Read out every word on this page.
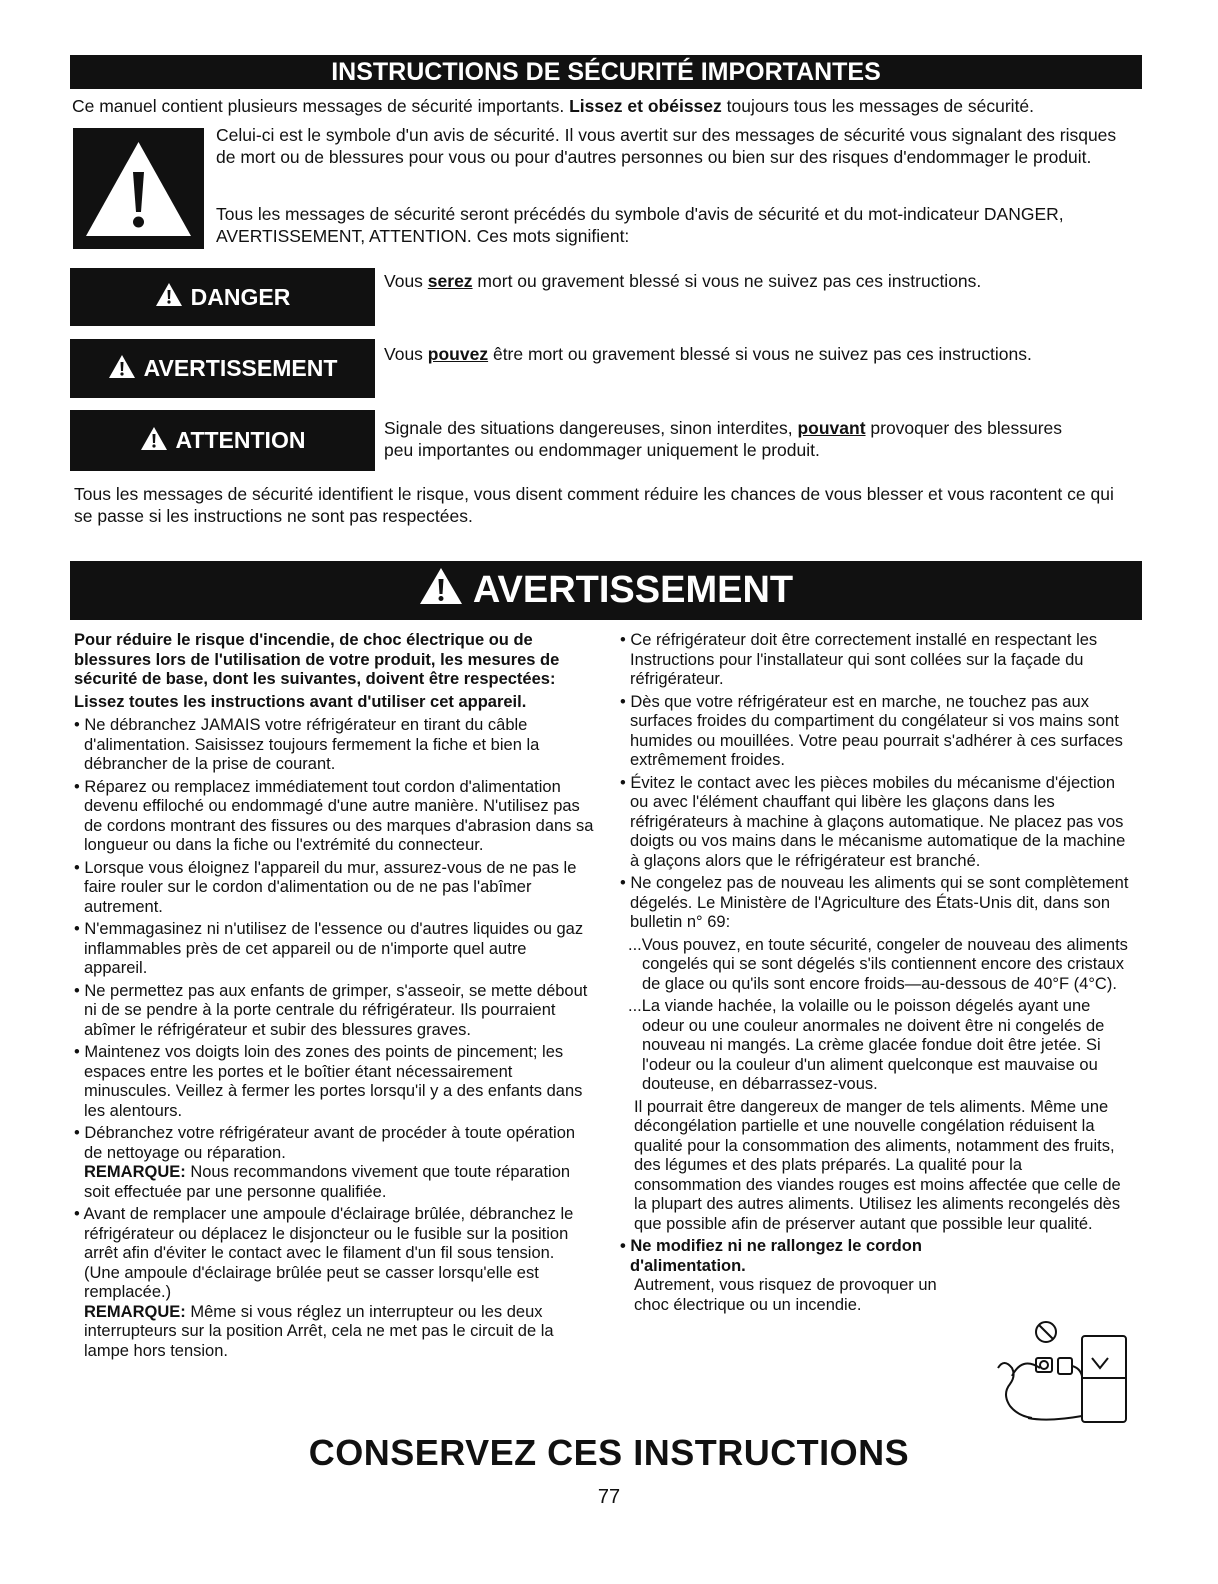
INSTRUCTIONS DE SÉCURITÉ IMPORTANTES
Ce manuel contient plusieurs messages de sécurité importants. Lissez et obéissez toujours tous les messages de sécurité.
Celui-ci est le symbole d'un avis de sécurité. Il vous avertit sur des messages de sécurité vous signalant des risques de mort ou de blessures pour vous ou pour d'autres personnes ou bien sur des risques d'endommager le produit.
Tous les messages de sécurité seront précédés du symbole d'avis de sécurité et du mot-indicateur DANGER, AVERTISSEMENT, ATTENTION. Ces mots signifient:
DANGER
Vous serez mort ou gravement blessé si vous ne suivez pas ces instructions.
AVERTISSEMENT
Vous pouvez être mort ou gravement blessé si vous ne suivez pas ces instructions.
ATTENTION	Signale des situations dangereuses, sinon interdites, pouvant provoquer des blessures peu importantes ou endommager uniquement le produit.
Tous les messages de sécurité identifient le risque, vous disent comment réduire les chances de vous blesser et vous racontent ce qui se passe si les instructions ne sont pas respectées.
AVERTISSEMENT

Pour réduire le risque d'incendie, de choc électrique ou de blessures lors de l'utilisation de votre produit, les mesures de sécurité de base, dont les suivantes, doivent être respectées:

Lissez toutes les instructions avant d'utiliser cet appareil.

• Ne débranchez JAMAIS votre réfrigérateur en tirant du câble d'alimentation. Saisissez toujours fermement la fiche et bien la débrancher de la prise de courant.

• Réparez ou remplacez immédiatement tout cordon d'alimentation devenu effiloché ou endommagé d'une autre manière. N'utilisez pas de cordons montrant des fissures ou des marques d'abrasion dans sa longueur ou dans la fiche ou l'extrémité du connecteur.

• Lorsque vous éloignez l'appareil du mur, assurez-vous de ne pas le faire rouler sur le cordon d'alimentation ou de ne pas l'abîmer autrement.

• N'emmagasinez ni n'utilisez de l'essence ou d'autres liquides ou gaz inflammables près de cet appareil ou de n'importe quel autre appareil.

• Ne permettez pas aux enfants de grimper, s'asseoir, se mette débout ni de se pendre à la porte centrale du réfrigérateur. Ils pourraient abîmer le réfrigérateur et subir des blessures graves.

• Maintenez vos doigts loin des zones des points de pincement; les espaces entre les portes et le boîtier étant nécessairement minuscules. Veillez à fermer les portes lorsqu'il y a des enfants dans les alentours.

• Débranchez votre réfrigérateur avant de procéder à toute opération de nettoyage ou réparation.

REMARQUE: Nous recommandons vivement que toute réparation soit effectuée par une personne qualifiée.

• Avant de remplacer une ampoule d'éclairage brûlée, débranchez le réfrigérateur ou déplacez le disjoncteur ou le fusible sur la position arrêt afin d'éviter le contact avec le filament d'un fil sous tension. (Une ampoule d'éclairage brûlée peut se casser lorsqu'elle est remplacée.)

REMARQUE: Même si vous réglez un interrupteur ou les deux interrupteurs sur la position Arrêt, cela ne met pas le circuit de la lampe hors tension.

• Ce réfrigérateur doit être correctement installé en respectant les Instructions pour l'installateur qui sont collées sur la façade du réfrigérateur.

• Dès que votre réfrigérateur est en marche, ne touchez pas aux surfaces froides du compartiment du congélateur si vos mains sont humides ou mouillées. Votre peau pourrait s'adhérer à ces surfaces extrêmement froides.

• Évitez le contact avec les pièces mobiles du mécanisme d'éjection ou avec l'élément chauffant qui libère les glaçons dans les réfrigérateurs à machine à glaçons automatique. Ne placez pas vos doigts ou vos mains dans le mécanisme automatique de la machine à glaçons alors que le réfrigérateur est branché.

• Ne congelez pas de nouveau les aliments qui se sont complètement dégelés. Le Ministère de l'Agriculture des États-Unis dit, dans son bulletin n° 69:

...Vous pouvez, en toute sécurité, congeler de nouveau des aliments congelés qui se sont dégelés s'ils contiennent encore des cristaux de glace ou qu'ils sont encore froids—au-dessous de 40°F (4°C).

...La viande hachée, la volaille ou le poisson dégelés ayant une odeur ou une couleur anormales ne doivent être ni congelés de nouveau ni mangés. La crème glacée fondue doit être jetée. Si l'odeur ou la couleur d'un aliment quelconque est mauvaise ou douteuse, en débarrassez-vous.

Il pourrait être dangereux de manger de tels aliments. Même une décongélation partielle et une nouvelle congélation réduisent la qualité pour la consommation des aliments, notamment des fruits, des légumes et des plats préparés. La qualité pour la consommation des viandes rouges est moins affectée que celle de la plupart des autres aliments. Utilisez les aliments recongelés dès que possible afin de préserver autant que possible leur qualité.

• Ne modifiez ni ne rallongez le cordon d'alimentation.

Autrement, vous risquez de provoquer un choc électrique ou un incendie.

CONSERVEZ CES INSTRUCTIONS
77
